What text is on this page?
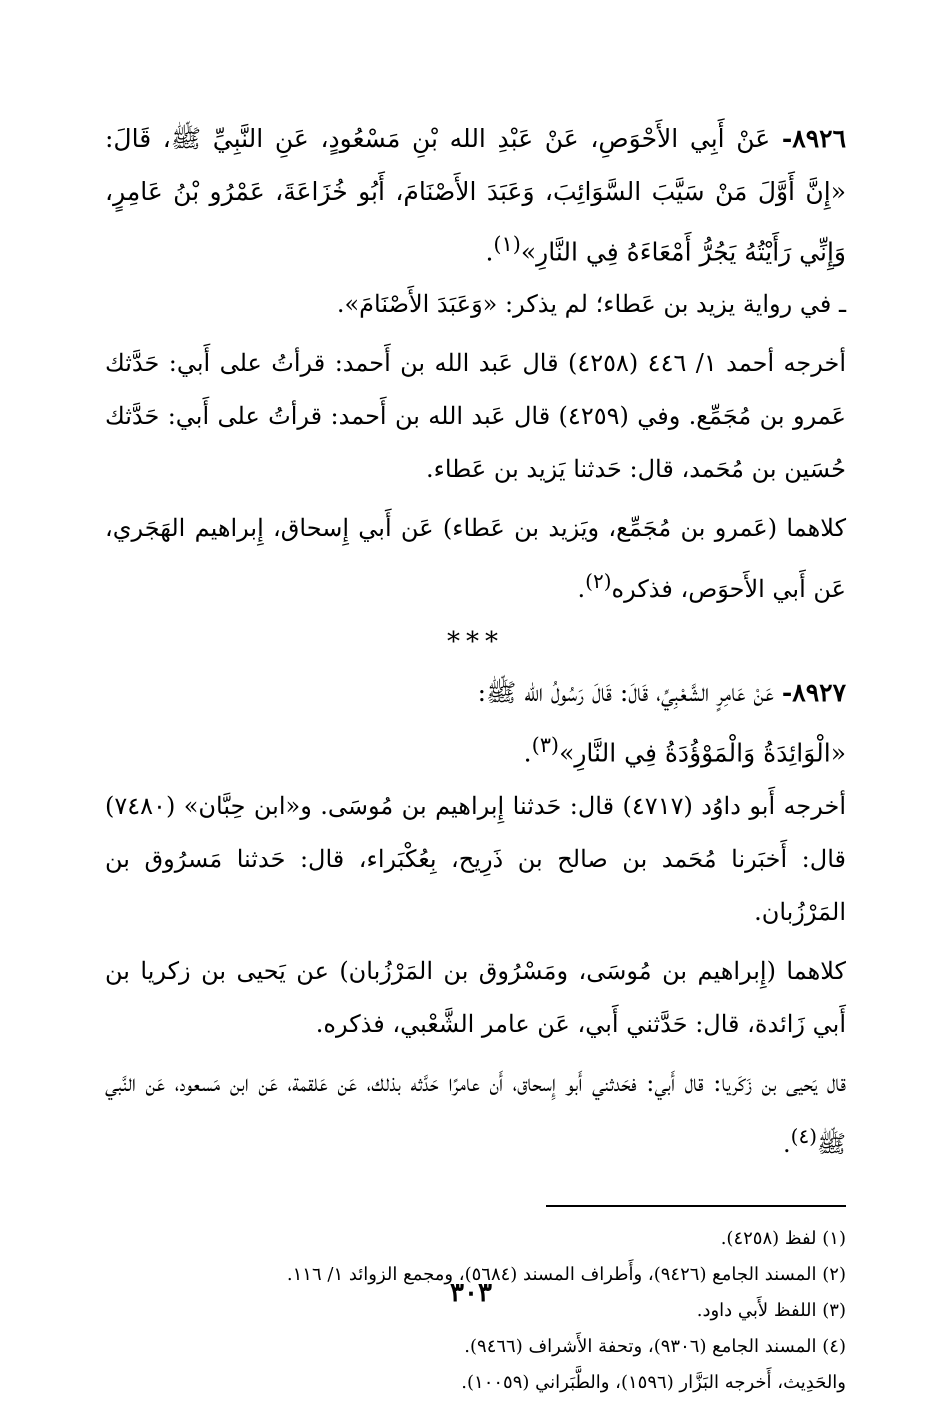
٨٩٢٦- عَنْ أَبِي الأَحْوَصِ، عَنْ عَبْدِ الله بْنِ مَسْعُودٍ، عَنِ النَّبِيِّ ﷺ، قَالَ: «إِنَّ أَوَّلَ مَنْ سَيَّبَ السَّوَائِبَ، وَعَبَدَ الأَصْنَامَ، أَبُو خُزَاعَةَ، عَمْرُو بْنُ عَامِرٍ، وَإِنِّي رَأَيْتُهُ يَجُرُّ أَمْعَاءَهُ فِي النَّارِ»$^{(١)}$.

ـ في رواية يزيد بن عَطاء؛ لم يذكر: «وَعَبَدَ الأَصْنَامَ».

أخرجه أحمد ١/ ٤٤٦ (٤٢٥٨) قال عَبد الله بن أَحمد: قرأتُ على أَبي: حَدَّثك عَمرو بن مُجَمِّع. وفي (٤٢٥٩) قال عَبد الله بن أَحمد: قرأتُ على أَبي: حَدَّثك حُسَين بن مُحَمد، قال: حَدثنا يَزيد بن عَطاء.

كلاهما (عَمرو بن مُجَمِّع، ويَزيد بن عَطاء) عَن أَبي إِسحاق، إِبراهيم الهَجَري، عَن أَبي الأَحوَص، فذكره$^{(٢)}$.

***

٨٩٢٧- عَنْ عَامِرٍ الشَّعْبِيِّ، قَالَ: قَالَ رَسُولُ الله ﷺ:
«الْوَائِدَةُ وَالْمَوْؤُدَةُ فِي النَّارِ»$^{(٣)}$.

أخرجه أَبو داوُد (٤٧١٧) قال: حَدثنا إِبراهيم بن مُوسَى. و«ابن حِبَّان» (٧٤٨٠) قال: أَخبَرنا مُحَمد بن صالح بن ذَرِيح، بِعُكْبَراء، قال: حَدثنا مَسرُوق بن المَرْزُبان.

كلاهما (إِبراهيم بن مُوسَى، ومَسْرُوق بن المَرْزُبان) عن يَحيى بن زكريا بن أَبي زَائدة، قال: حَدَّثني أَبي، عَن عامر الشَّعْبي، فذكره.

قال يَحيى بن زَكَريا: قال أَبي: فحَدثني أَبو إِسحاق، أَن عامرًا حَدَّثه بذلك، عَن عَلقمة، عَن ابن مَسعود، عَن النَّبي ﷺ$^{(٤)}$.

(١) لفظ (٤٢٥٨).

(٢) المسند الجامع (٩٤٢٦)، وأَطراف المسند (٥٦٨٤)، ومجمع الزوائد ١/ ١١٦.

(٣) اللفظ لأَبي داود.

(٤) المسند الجامع (٩٣٠٦)، وتحفة الأَشراف (٩٤٦٦).

والحَدِيث، أَخرجه البَزَّار (١٥٩٦)، والطَّبَراني (١٠٠٥٩).

٣٠٣
